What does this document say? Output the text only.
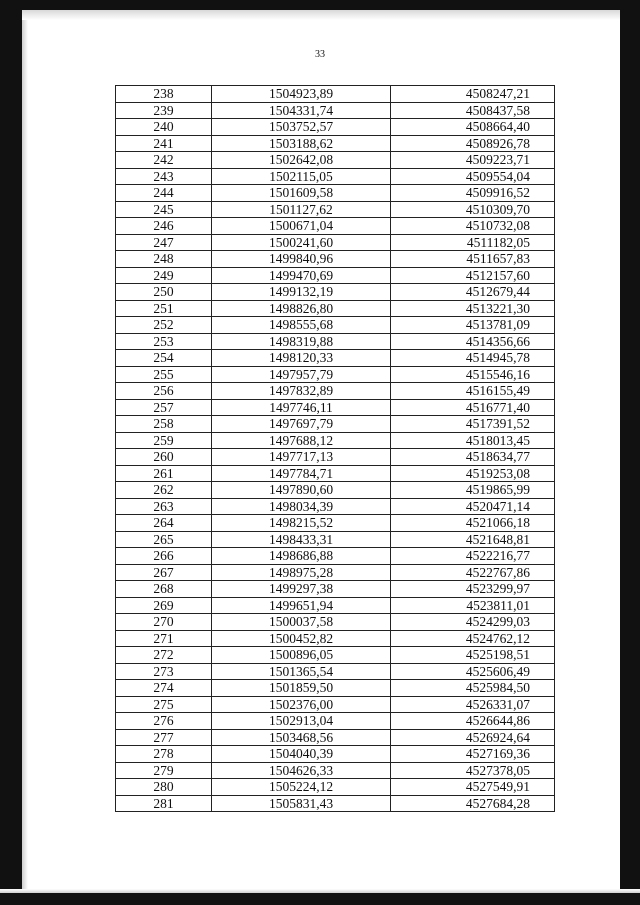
33
238	1504923,89	4508247,21
239	1504331,74	4508437,58
240	1503752,57	4508664,40
241	1503188,62	4508926,78
242	1502642,08	4509223,71
243	1502115,05	4509554,04
244	1501609,58	4509916,52
245	1501127,62	4510309,70
246	1500671,04	4510732,08
247	1500241,60	4511182,05
248	1499840,96	4511657,83
249	1499470,69	4512157,60
250	1499132,19	4512679,44
251	1498826,80	4513221,30
252	1498555,68	4513781,09
253	1498319,88	4514356,66
254	1498120,33	4514945,78
255	1497957,79	4515546,16
256	1497832,89	4516155,49
257	1497746,11	4516771,40
258	1497697,79	4517391,52
259	1497688,12	4518013,45
260	1497717,13	4518634,77
261	1497784,71	4519253,08
262	1497890,60	4519865,99
263	1498034,39	4520471,14
264	1498215,52	4521066,18
265	1498433,31	4521648,81
266	1498686,88	4522216,77
267	1498975,28	4522767,86
268	1499297,38	4523299,97
269	1499651,94	4523811,01
270	1500037,58	4524299,03
271	1500452,82	4524762,12
272	1500896,05	4525198,51
273	1501365,54	4525606,49
274	1501859,50	4525984,50
275	1502376,00	4526331,07
276	1502913,04	4526644,86
277	1503468,56	4526924,64
278	1504040,39	4527169,36
279	1504626,33	4527378,05
280	1505224,12	4527549,91
281	1505831,43	4527684,28
